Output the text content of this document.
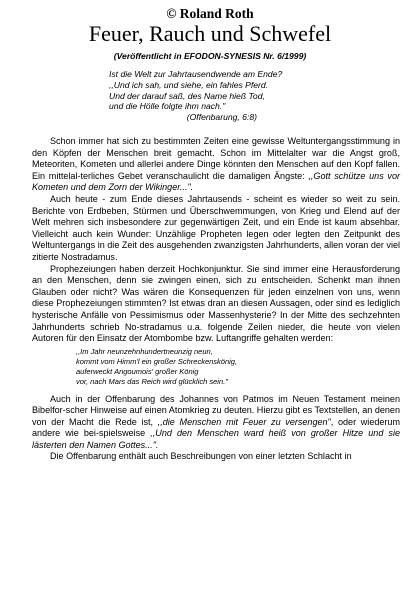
© Roland Roth
Feuer, Rauch und Schwefel
(Veröffentlicht in EFODON-SYNESIS Nr. 6/1999)
Ist die Welt zur Jahrtausendwende am Ende?
,,Und ich sah, und siehe, ein fahles Pferd.
Und der darauf saß, des Name hieß Tod,
und die Hölle folgte ihm nach."
(Offenbarung, 6:8)

Schon immer hat sich zu bestimmten Zeiten eine gewisse Weltuntergangsstimmung in den Köpfen der Menschen breit gemacht. Schon im Mittelalter war die Angst groß, Meteoriten, Kometen und allerlei andere Dinge könnten den Menschen auf den Kopf fallen. Ein mittelal-terliches Gebet veranschaulicht die damaligen Ängste: ,,Gott schütze uns vor Kometen und dem Zorn der Wikinger...".

Auch heute - zum Ende dieses Jahrtausends - scheint es wieder so weit zu sein. Berichte von Erdbeben, Stürmen und Überschwemmungen, von Krieg und Elend auf der Welt mehren sich insbesondere zur gegenwärtigen Zeit, und ein Ende ist kaum absehbar. Vielleicht auch kein Wunder: Unzählige Propheten legen oder legten den Zeitpunkt des Weltuntergangs in die Zeit des ausgehenden zwanzigsten Jahrhunderts, allen voran der viel zitierte Nostradamus.

Prophezeiungen haben derzeit Hochkonjunktur. Sie sind immer eine Herausforderung an den Menschen, denn sie zwingen einen, sich zu entscheiden. Schenkt man ihnen Glauben oder nicht? Was wären die Konsequenzen für jeden einzelnen von uns, wenn diese Prophezeiungen stimmten? Ist etwas dran an diesen Aussagen, oder sind es lediglich hysterische Anfälle von Pessimismus oder Massenhysterie? In der Mitte des sechzehnten Jahrhunderts schrieb No-stradamus u.a. folgende Zeilen nieder, die heute von vielen Autoren für den Einsatz der Atombombe bzw. Luftangriffe gehalten werden:

,,Im Jahr neunzehnhundertneunzig neun,
kommt vom Himm'l ein großer Schreckenskönig,
auferweckt Angoumois' großer König
vor, nach Mars das Reich wird glücklich sein."

Auch in der Offenbarung des Johannes von Patmos im Neuen Testament meinen Bibelfor-scher Hinweise auf einen Atomkrieg zu deuten. Hierzu gibt es Textstellen, an denen von der Macht die Rede ist, ,,die Menschen mit Feuer zu versengen", oder wiederum andere wie bei-spielsweise ,,Und den Menschen ward heiß von großer Hitze und sie lästerten den Namen Gottes...".

Die Offenbarung enthält auch Beschreibungen von einer letzten Schlacht in
